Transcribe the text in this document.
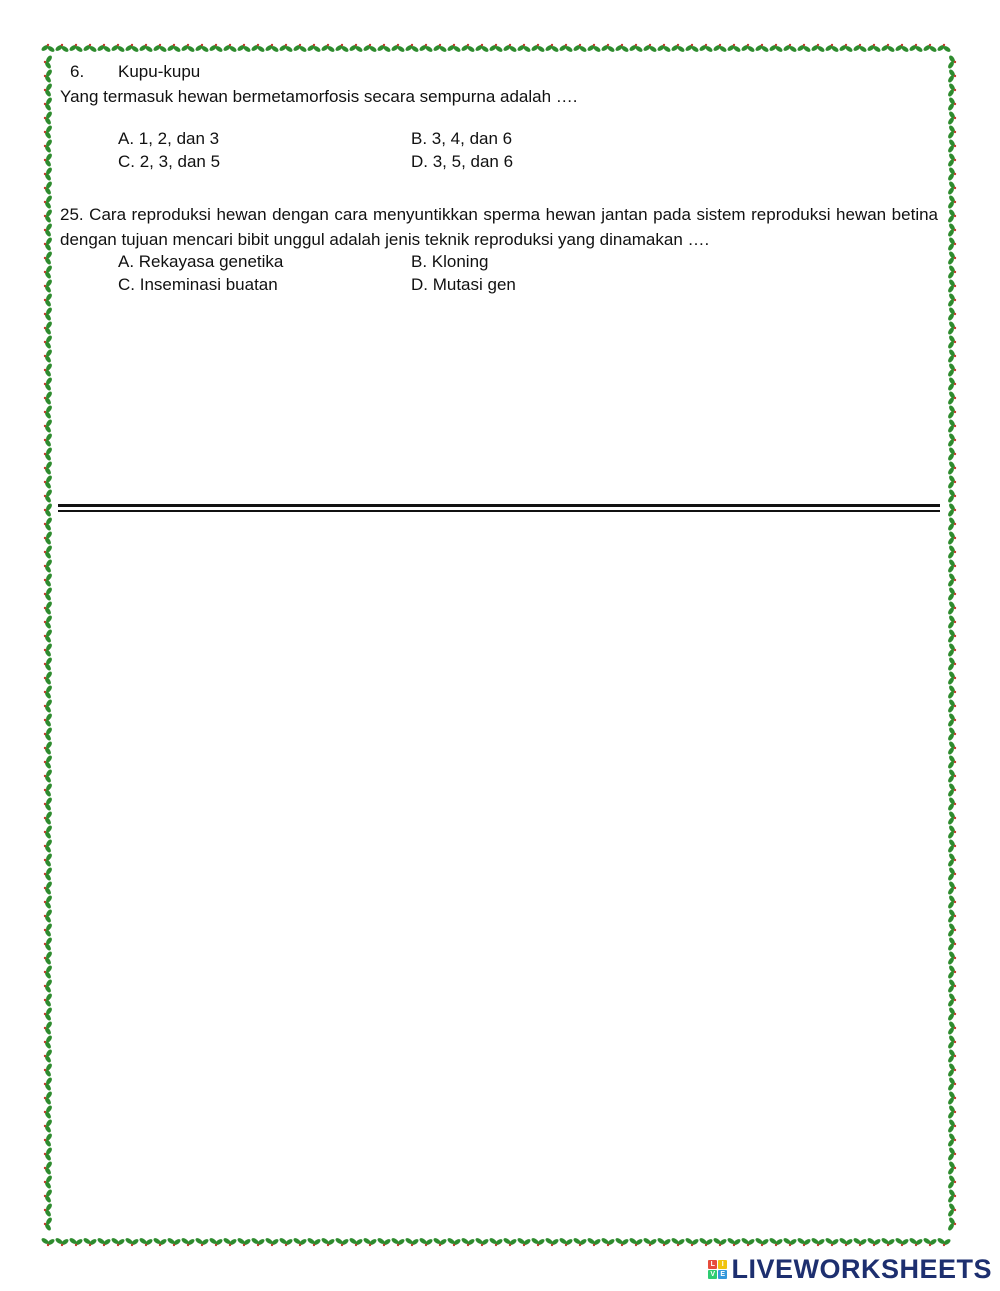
6. Kupu-kupu
Yang termasuk hewan bermetamorfosis secara sempurna adalah ….
A. 1, 2, dan 3	B. 3, 4, dan 6
C. 2, 3, dan 5	D. 3, 5, dan 6
25. Cara reproduksi hewan dengan cara menyuntikkan sperma hewan jantan pada sistem reproduksi hewan betina dengan tujuan mencari bibit unggul adalah jenis teknik reproduksi yang dinamakan ….
A. Rekayasa genetika	B. Kloning
C. Inseminasi buatan	D. Mutasi gen
L I
V E LIVEWORKSHEETS
